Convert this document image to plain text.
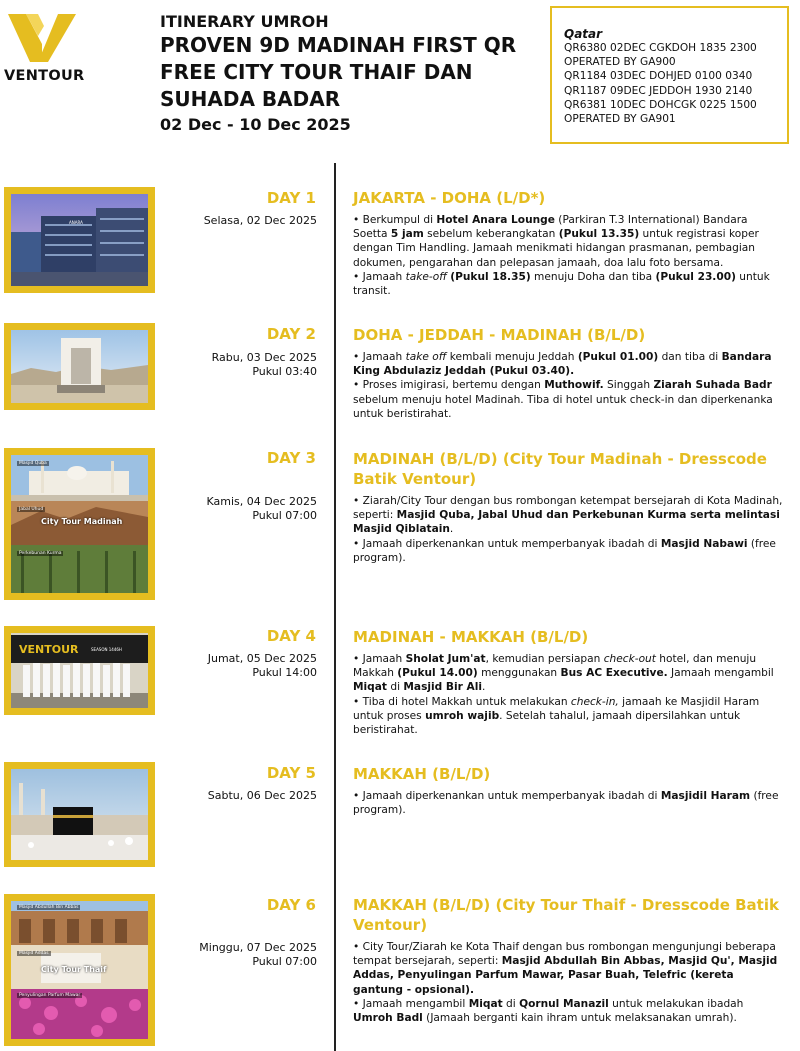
VENTOUR
ITINERARY UMROH
PROVEN 9D MADINAH FIRST QR
FREE CITY TOUR THAIF DAN
SUHADA BADAR
02 Dec - 10 Dec 2025
Qatar
QR6380 02DEC CGKDOH 1835 2300
OPERATED BY GA900
QR1184 03DEC DOHJED 0100 0340
QR1187 09DEC JEDDOH 1930 2140
QR6381 10DEC DOHCGK 0225 1500
OPERATED BY GA901
ANARA
DAY 1
Selasa, 02 Dec 2025
JAKARTA - DOHA (L/D*)

• Berkumpul di Hotel Anara Lounge (Parkiran T.3 International) Bandara Soetta 5 jam sebelum keberangkatan (Pukul 13.35) untuk registrasi koper dengan Tim Handling. Jamaah menikmati hidangan prasmanan, pembagian dokumen, pengarahan dan pelepasan jamaah, doa lalu foto bersama.

• Jamaah take-off (Pukul 18.35) menuju Doha dan tiba (Pukul 23.00) untuk transit.

DAY 2
Rabu, 03 Dec 2025
Pukul 03:40
DOHA - JEDDAH - MADINAH (B/L/D)

• Jamaah take off kembali menuju Jeddah (Pukul 01.00) dan tiba di Bandara King Abdulaziz Jeddah (Pukul 03.40).

• Proses imigirasi, bertemu dengan Muthowif. Singgah Ziarah Suhada Badr sebelum menuju hotel Madinah. Tiba di hotel untuk check-in dan diperkenanka untuk beristirahat.

Masjid Quba
Jabal Uhud
City Tour Madinah
Perkebunan Kurma
DAY 3
Kamis, 04 Dec 2025
Pukul 07:00
MADINAH (B/L/D) (City Tour Madinah - Dresscode Batik Ventour)

• Ziarah/City Tour dengan bus rombongan ketempat bersejarah di Kota Madinah, seperti: Masjid Quba, Jabal Uhud dan Perkebunan Kurma serta melintasi Masjid Qiblatain.

• Jamaah diperkenankan untuk memperbanyak ibadah di Masjid Nabawi (free program).

VENTOUR	SEASON 1446H
DAY 4
Jumat, 05 Dec 2025
Pukul 14:00
MADINAH - MAKKAH (B/L/D)

• Jamaah Sholat Jum'at, kemudian persiapan check-out hotel, dan menuju Makkah (Pukul 14.00) menggunakan Bus AC Executive. Jamaah mengambil Miqat di Masjid Bir Ali.

• Tiba di hotel Makkah untuk melakukan check-in, jamaah ke Masjidil Haram untuk proses umroh wajib. Setelah tahalul, jamaah dipersilahkan untuk beristirahat.

DAY 5
Sabtu, 06 Dec 2025
MAKKAH (B/L/D)

• Jamaah diperkenankan untuk memperbanyak ibadah di Masjidil Haram (free program).

Masjid Abdullah Bin Abbas
Masjid Addas
City Tour Thaif
Penyulingan Parfum Mawar
DAY 6
Minggu, 07 Dec 2025
Pukul 07:00
MAKKAH (B/L/D) (City Tour Thaif - Dresscode Batik Ventour)

• City Tour/Ziarah ke Kota Thaif dengan bus rombongan mengunjungi beberapa tempat bersejarah, seperti: Masjid Abdullah Bin Abbas, Masjid Qu', Masjid Addas, Penyulingan Parfum Mawar, Pasar Buah, Telefric (kereta gantung - opsional).

• Jamaah mengambil Miqat di Qornul Manazil untuk melakukan ibadah Umroh Badl (Jamaah berganti kain ihram untuk melaksanakan umrah).
